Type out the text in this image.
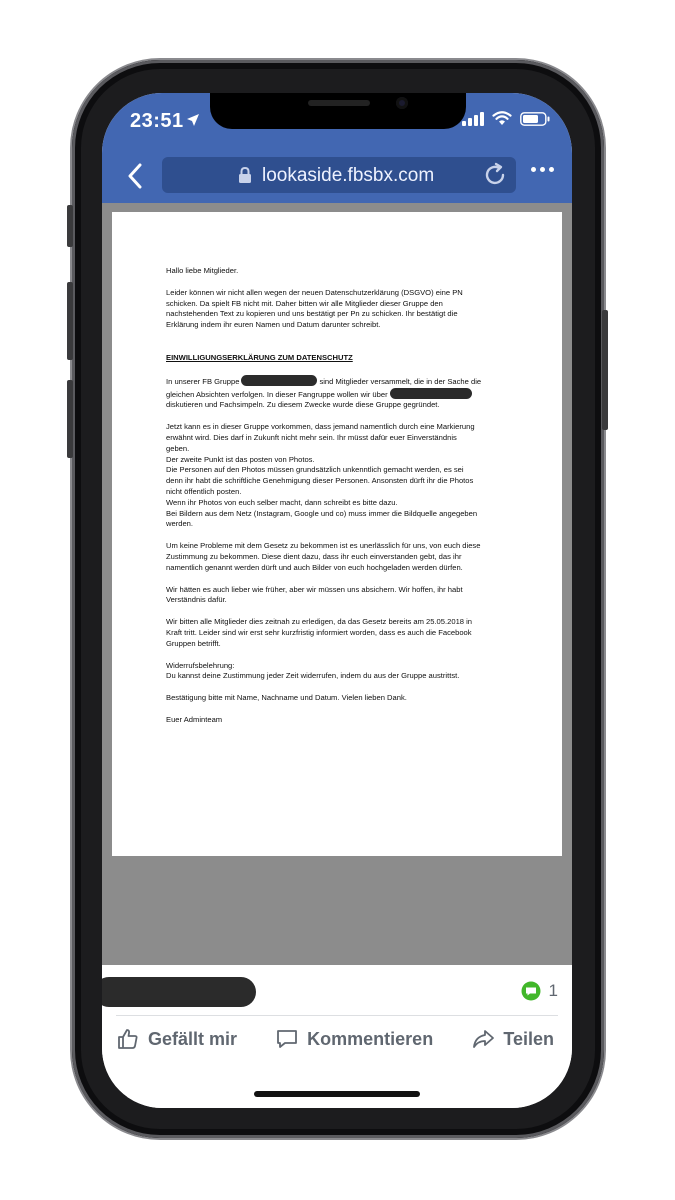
23:51
lookaside.fbsbx.com

Hallo liebe Mitglieder.

Leider können wir nicht allen wegen der neuen Datenschutzerklärung (DSGVO) eine PN
schicken. Da spielt FB nicht mit. Daher bitten wir alle Mitglieder dieser Gruppe den
nachstehenden Text zu kopieren und uns bestätigt per Pn zu schicken. Ihr bestätigt die
Erklärung indem ihr euren Namen und Datum darunter schreibt.

EINWILLIGUNGSERKLÄRUNG ZUM DATENSCHUTZ

In unserer FB Gruppe	sind Mitglieder versammelt, die in der Sache die
gleichen Absichten verfolgen. In dieser Fangruppe wollen wir über
diskutieren und Fachsimpeln. Zu diesem Zwecke wurde diese Gruppe gegründet.

Jetzt kann es in dieser Gruppe vorkommen, dass jemand namentlich durch eine Markierung
erwähnt wird. Dies darf in Zukunft nicht mehr sein. Ihr müsst dafür euer Einverständnis
geben.
Der zweite Punkt ist das posten von Photos.
Die Personen auf den Photos müssen grundsätzlich unkenntlich gemacht werden, es sei
denn ihr habt die schriftliche Genehmigung dieser Personen. Ansonsten dürft ihr die Photos
nicht öffentlich posten.
Wenn ihr Photos von euch selber macht, dann schreibt es bitte dazu.
Bei Bildern aus dem Netz (Instagram, Google und co) muss immer die Bildquelle angegeben
werden.

Um keine Probleme mit dem Gesetz zu bekommen ist es unerlässlich für uns, von euch diese
Zustimmung zu bekommen. Diese dient dazu, dass ihr euch einverstanden gebt, das ihr
namentlich genannt werden dürft und auch Bilder von euch hochgeladen werden dürfen.

Wir hätten es auch lieber wie früher, aber wir müssen uns absichern. Wir hoffen, ihr habt
Verständnis dafür.

Wir bitten alle Mitglieder dies zeitnah zu erledigen, da das Gesetz bereits am 25.05.2018 in
Kraft tritt. Leider sind wir erst sehr kurzfristig informiert worden, dass es auch die Facebook
Gruppen betrifft.

Widerrufsbelehrung:
Du kannst deine Zustimmung jeder Zeit widerrufen, indem du aus der Gruppe austrittst.

Bestätigung bitte mit Name, Nachname und Datum. Vielen lieben Dank.

Euer Adminteam

1
Gefällt mir	Kommentieren	Teilen
